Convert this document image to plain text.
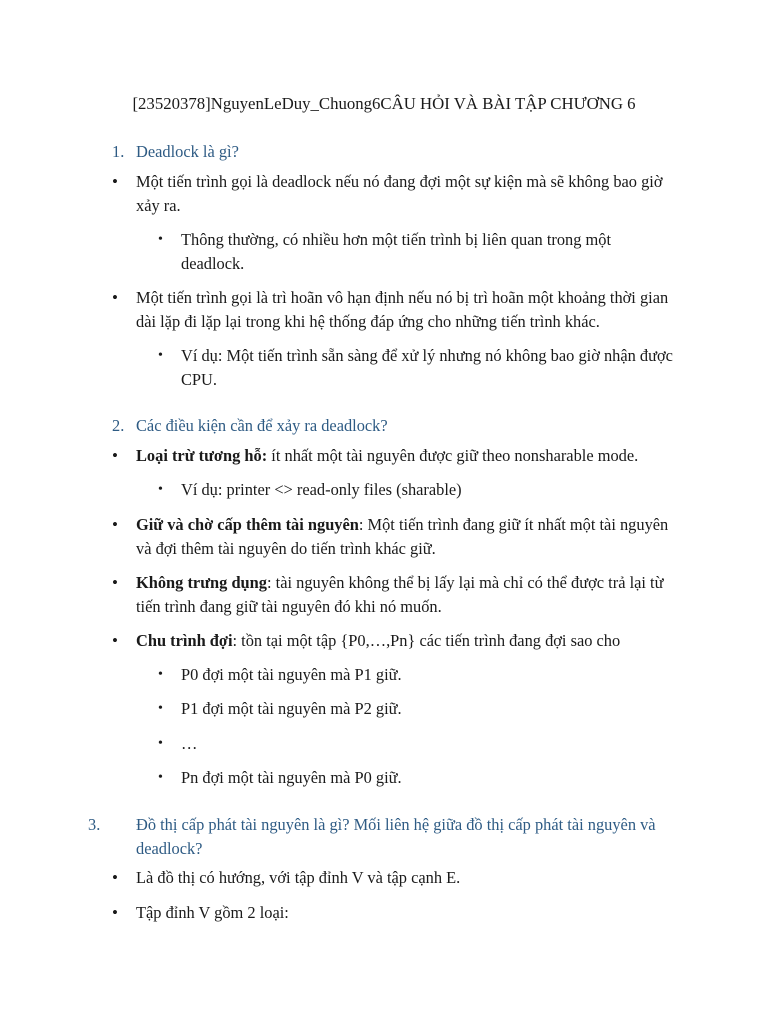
[23520378]NguyenLeDuy_Chuong6CÂU HỎI VÀ BÀI TẬP CHƯƠNG 6
1. Deadlock là gì?
•	Một tiến trình gọi là deadlock nếu nó đang đợi một sự kiện mà sẽ không bao giờ xảy ra.
•	Thông thường, có nhiều hơn một tiến trình bị liên quan trong một deadlock.
•	Một tiến trình gọi là trì hoãn vô hạn định nếu nó bị trì hoãn một khoảng thời gian dài lặp đi lặp lại trong khi hệ thống đáp ứng cho những tiến trình khác.
•	Ví dụ: Một tiến trình sẵn sàng để xử lý nhưng nó không bao giờ nhận được CPU.
2. Các điều kiện cần để xảy ra deadlock?
•	Loại trừ tương hỗ: ít nhất một tài nguyên được giữ theo nonsharable mode.
•	Ví dụ: printer <> read-only files (sharable)
•	Giữ và chờ cấp thêm tài nguyên: Một tiến trình đang giữ ít nhất một tài nguyên và đợi thêm tài nguyên do tiến trình khác giữ.
•	Không trưng dụng: tài nguyên không thể bị lấy lại mà chỉ có thể được trả lại từ tiến trình đang giữ tài nguyên đó khi nó muốn.
•	Chu trình đợi: tồn tại một tập {P0,…,Pn} các tiến trình đang đợi sao cho
•	P0 đợi một tài nguyên mà P1 giữ.
•	P1 đợi một tài nguyên mà P2 giữ.
•	…
•	Pn đợi một tài nguyên mà P0 giữ.
3. Đồ thị cấp phát tài nguyên là gì? Mối liên hệ giữa đồ thị cấp phát tài nguyên và deadlock?
•	Là đồ thị có hướng, với tập đỉnh V và tập cạnh E.
•	Tập đỉnh V gồm 2 loại:
